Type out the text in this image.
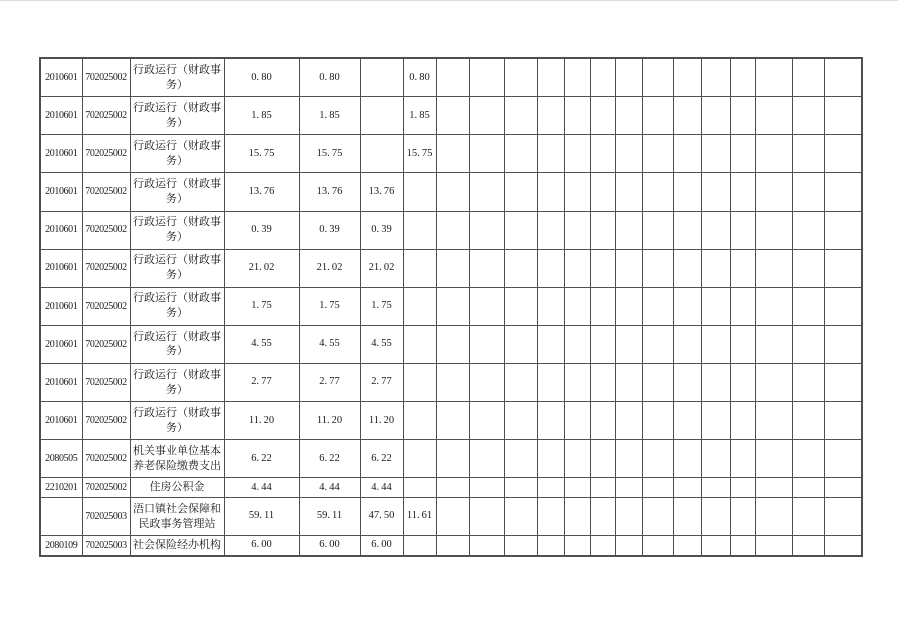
2010601	702025002	行政运行（财政事务）	0. 80	0. 80		0. 80														
2010601	702025002	行政运行（财政事务）	1. 85	1. 85		1. 85														
2010601	702025002	行政运行（财政事务）	15. 75	15. 75		15. 75														
2010601	702025002	行政运行（财政事务）	13. 76	13. 76	13. 76															
2010601	702025002	行政运行（财政事务）	0. 39	0. 39	0. 39															
2010601	702025002	行政运行（财政事务）	21. 02	21. 02	21. 02															
2010601	702025002	行政运行（财政事务）	1. 75	1. 75	1. 75															
2010601	702025002	行政运行（财政事务）	4. 55	4. 55	4. 55															
2010601	702025002	行政运行（财政事务）	2. 77	2. 77	2. 77															
2010601	702025002	行政运行（财政事务）	11. 20	11. 20	11. 20															
2080505	702025002	机关事业单位基本养老保险缴费支出	6. 22	6. 22	6. 22															
2210201	702025002	住房公积金	4. 44	4. 44	4. 44															
	702025003	浯口镇社会保障和民政事务管理站	59. 11	59. 11	47. 50	11. 61														
2080109	702025003	社会保险经办机构	6. 00	6. 00	6. 00															
